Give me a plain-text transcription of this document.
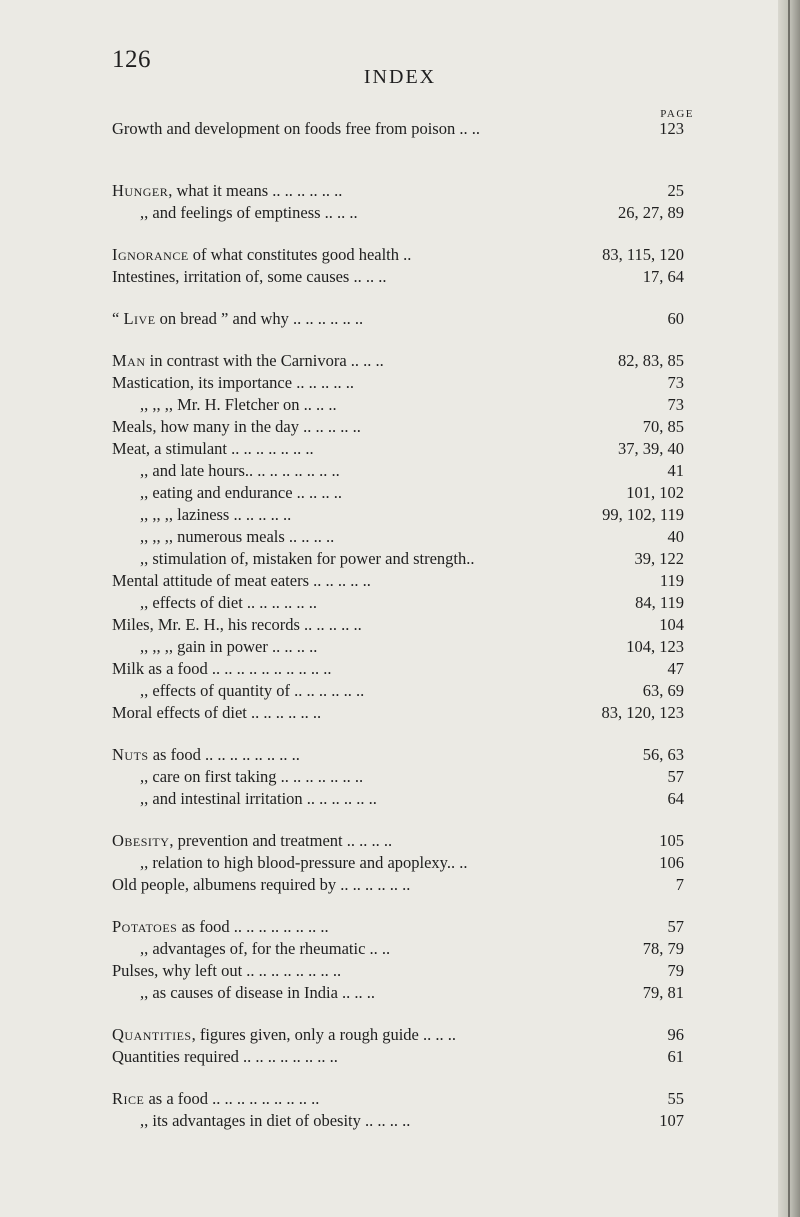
126
INDEX
PAGE
Growth and development on foods free from poison .. ..	123
Hunger, what it means .. .. .. .. .. ..	25
,, and feelings of emptiness .. .. ..	26, 27, 89
Ignorance of what constitutes good health ..	83, 115, 120
Intestines, irritation of, some causes .. .. ..	17, 64
“ Live on bread ” and why .. .. .. .. .. ..	60
Man in contrast with the Carnivora .. .. ..	82, 83, 85
Mastication, its importance .. .. .. .. ..	73
,, ,, ,, Mr. H. Fletcher on .. .. ..	73
Meals, how many in the day .. .. .. .. ..	70, 85
Meat, a stimulant .. .. .. .. .. .. ..	37, 39, 40
,, and late hours.. .. .. .. .. .. .. ..	41
,, eating and endurance .. .. .. ..	101, 102
,, ,, ,, laziness .. .. .. .. ..	99, 102, 119
,, ,, ,, numerous meals .. .. .. ..	40
,, stimulation of, mistaken for power and strength..	39, 122
Mental attitude of meat eaters .. .. .. .. ..	119
,, effects of diet .. .. .. .. .. ..	84, 119
Miles, Mr. E. H., his records .. .. .. .. ..	104
,, ,, ,, gain in power .. .. .. ..	104, 123
Milk as a food .. .. .. .. .. .. .. .. .. ..	47
,, effects of quantity of .. .. .. .. .. ..	63, 69
Moral effects of diet .. .. .. .. .. ..	83, 120, 123
Nuts as food .. .. .. .. .. .. .. ..	56, 63
,, care on first taking .. .. .. .. .. .. ..	57
,, and intestinal irritation .. .. .. .. .. ..	64
Obesity, prevention and treatment .. .. .. ..	105
,, relation to high blood-pressure and apoplexy.. ..	106
Old people, albumens required by .. .. .. .. .. ..	7
Potatoes as food .. .. .. .. .. .. .. ..	57
,, advantages of, for the rheumatic .. ..	78, 79
Pulses, why left out .. .. .. .. .. .. .. ..	79
,, as causes of disease in India .. .. ..	79, 81
Quantities, figures given, only a rough guide .. .. ..	96
Quantities required .. .. .. .. .. .. .. ..	61
Rice as a food .. .. .. .. .. .. .. .. ..	55
,, its advantages in diet of obesity .. .. .. ..	107
